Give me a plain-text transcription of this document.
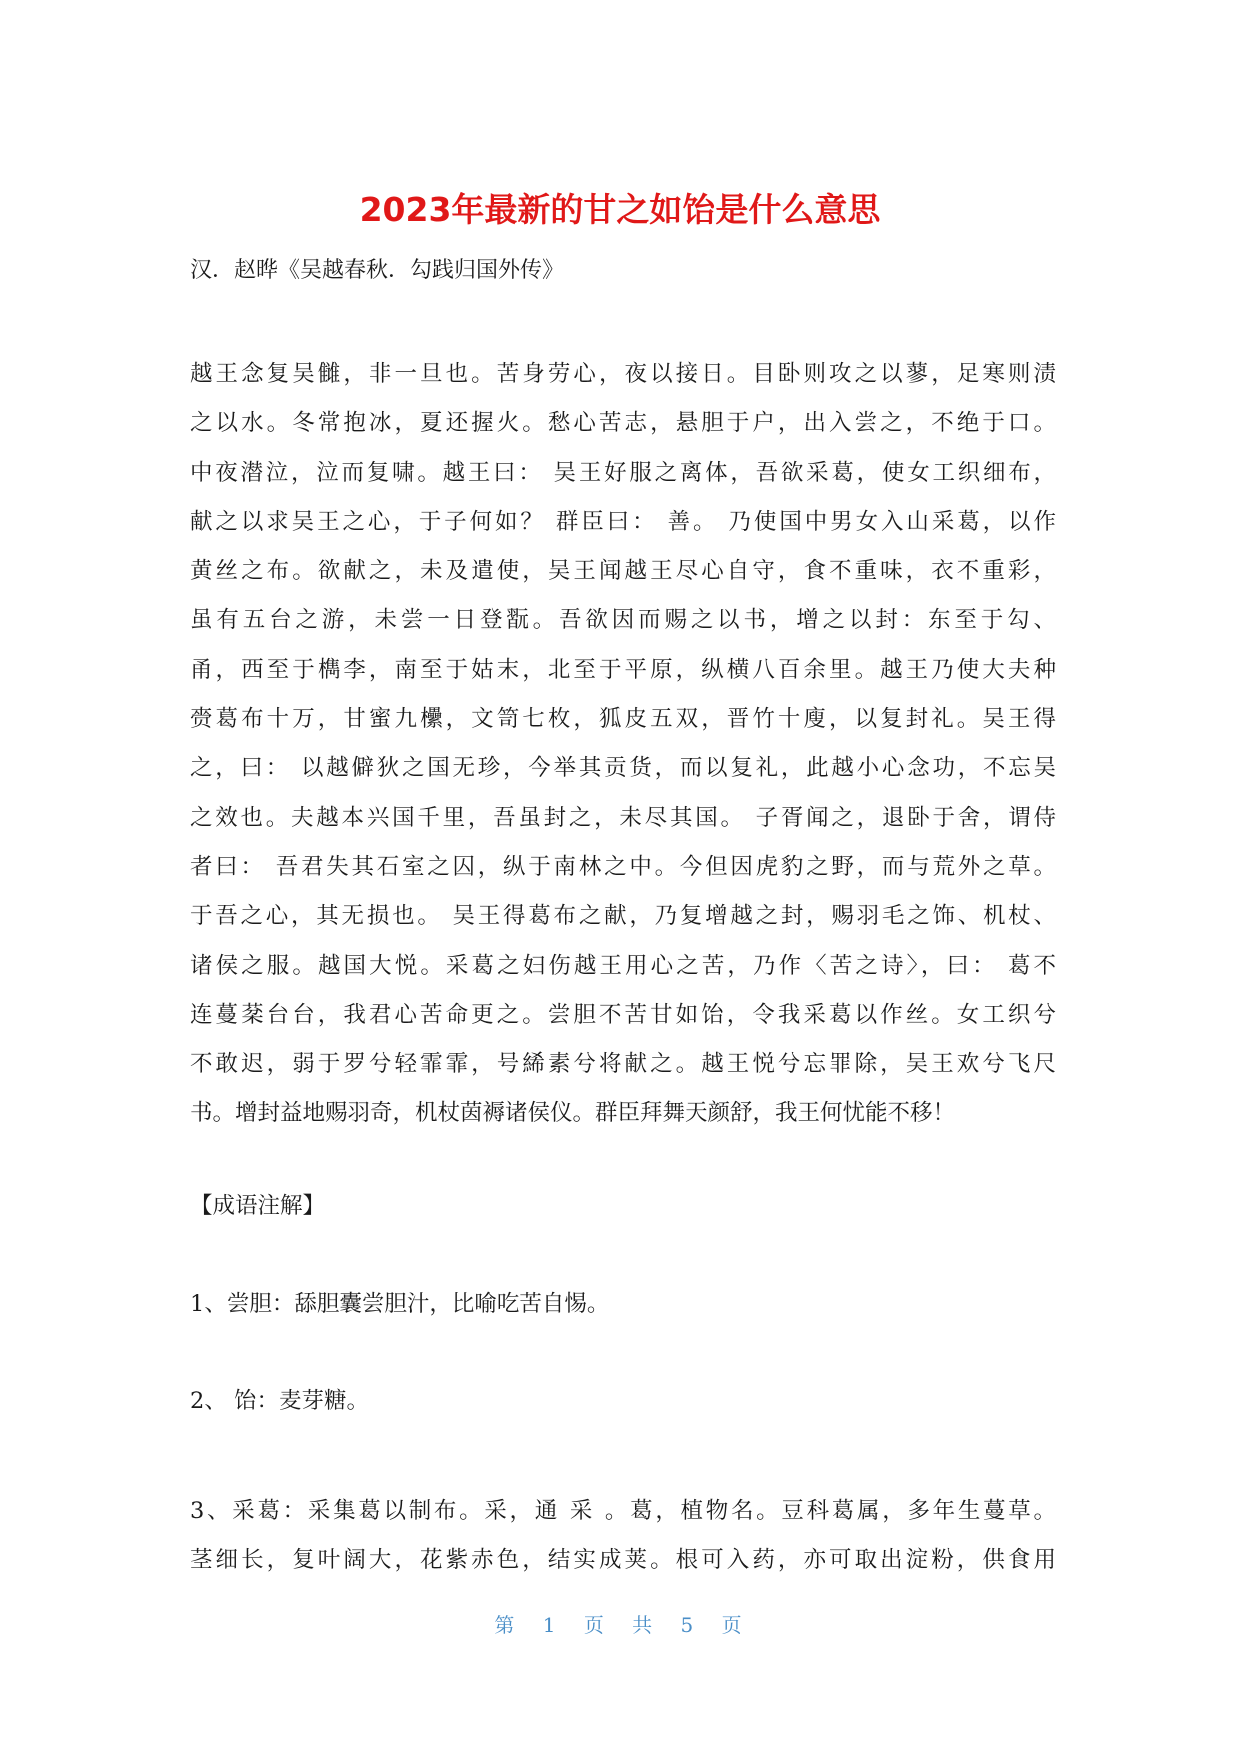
2023年最新的甘之如饴是什么意思

汉．赵晔《吴越春秋．勾践归国外传》

越王念复吴雠，非一旦也。苦身劳心，夜以接日。目卧则攻之以蓼，足寒则渍
之以水。冬常抱冰，夏还握火。愁心苦志，悬胆于户，出入尝之，不绝于口。
中夜潜泣，泣而复啸。越王曰： 吴王好服之离体，吾欲采葛，使女工织细布，
献之以求吴王之心，于子何如？ 群臣曰： 善。 乃使国中男女入山采葛，以作
黄丝之布。欲献之，未及遣使，吴王闻越王尽心自守，食不重味，衣不重彩，
虽有五台之游，未尝一日登翫。吾欲因而赐之以书，增之以封：东至于勾、
甬，西至于檇李，南至于姑末，北至于平原，纵横八百余里。越王乃使大夫种
赍葛布十万，甘蜜九欙，文笥七枚，狐皮五双，晋竹十廋，以复封礼。吴王得
之，曰： 以越僻狄之国无珍，今举其贡货，而以复礼，此越小心念功，不忘吴
之效也。夫越本兴国千里，吾虽封之，未尽其国。 子胥闻之，退卧于舍，谓侍
者曰： 吾君失其石室之囚，纵于南林之中。今但因虎豹之野，而与荒外之草。
于吾之心，其无损也。 吴王得葛布之献，乃复增越之封，赐羽毛之饰、机杖、
诸侯之服。越国大悦。采葛之妇伤越王用心之苦，乃作〈苦之诗〉，曰： 葛不
连蔓棻台台，我君心苦命更之。尝胆不苦甘如饴，令我采葛以作丝。女工织兮
不敢迟，弱于罗兮轻霏霏，号絺素兮将献之。越王悦兮忘罪除，吴王欢兮飞尺
书。增封益地赐羽奇，机杖茵褥诸侯仪。群臣拜舞天颜舒，我王何忧能不移！

【成语注解】

1、尝胆：舔胆囊尝胆汁，比喻吃苦自惕。

2、 饴：麦芽糖。

3、采葛：采集葛以制布。采，通 采 。葛，植物名。豆科葛属，多年生蔓草。
茎细长，复叶阔大，花紫赤色，结实成荚。根可入药，亦可取出淀粉，供食用

第 1 页 共 5 页
